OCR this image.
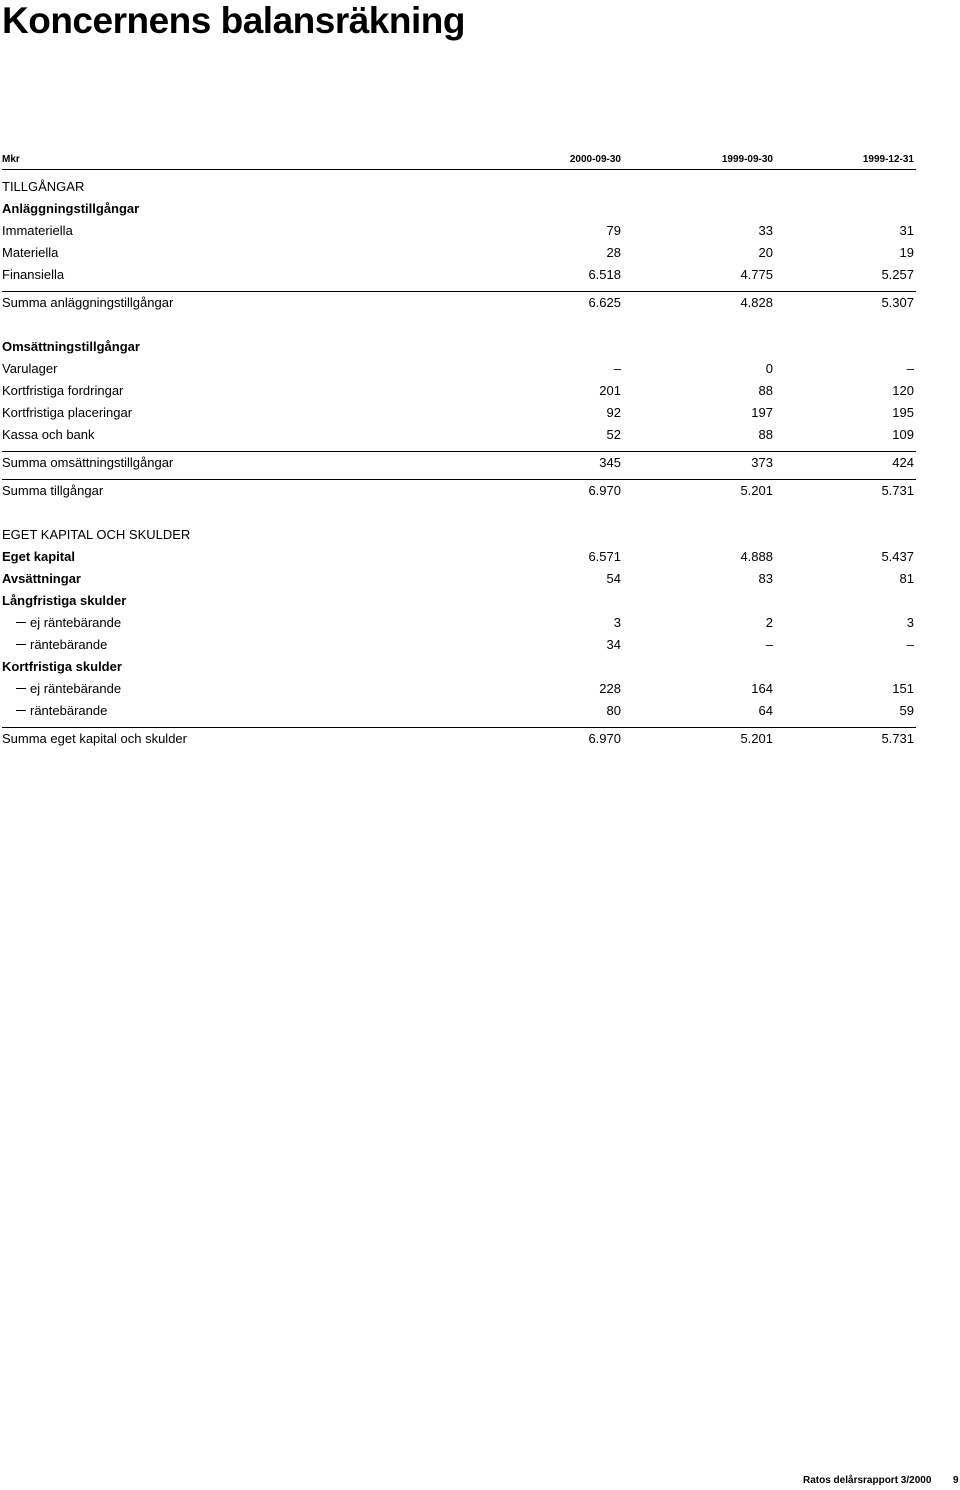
Koncernens balansräkning
Mkr	2000-09-30	1999-09-30	1999-12-31
TILLGÅNGAR
Anläggningstillgångar
Immateriella	79	33	31
Materiella	28	20	19
Finansiella	6.518	4.775	5.257
Summa anläggningstillgångar	6.625	4.828	5.307
Omsättningstillgångar
Varulager	–	0	–
Kortfristiga fordringar	201	88	120
Kortfristiga placeringar	92	197	195
Kassa och bank	52	88	109
Summa omsättningstillgångar	345	373	424
Summa tillgångar	6.970	5.201	5.731
EGET KAPITAL OCH SKULDER
Eget kapital	6.571	4.888	5.437
Avsättningar	54	83	81
Långfristiga skulder
ej räntebärande	3	2	3
räntebärande	34	–	–
Kortfristiga skulder
ej räntebärande	228	164	151
räntebärande	80	64	59
Summa eget kapital och skulder	6.970	5.201	5.731
Ratos delårsrapport 3/2000 9
